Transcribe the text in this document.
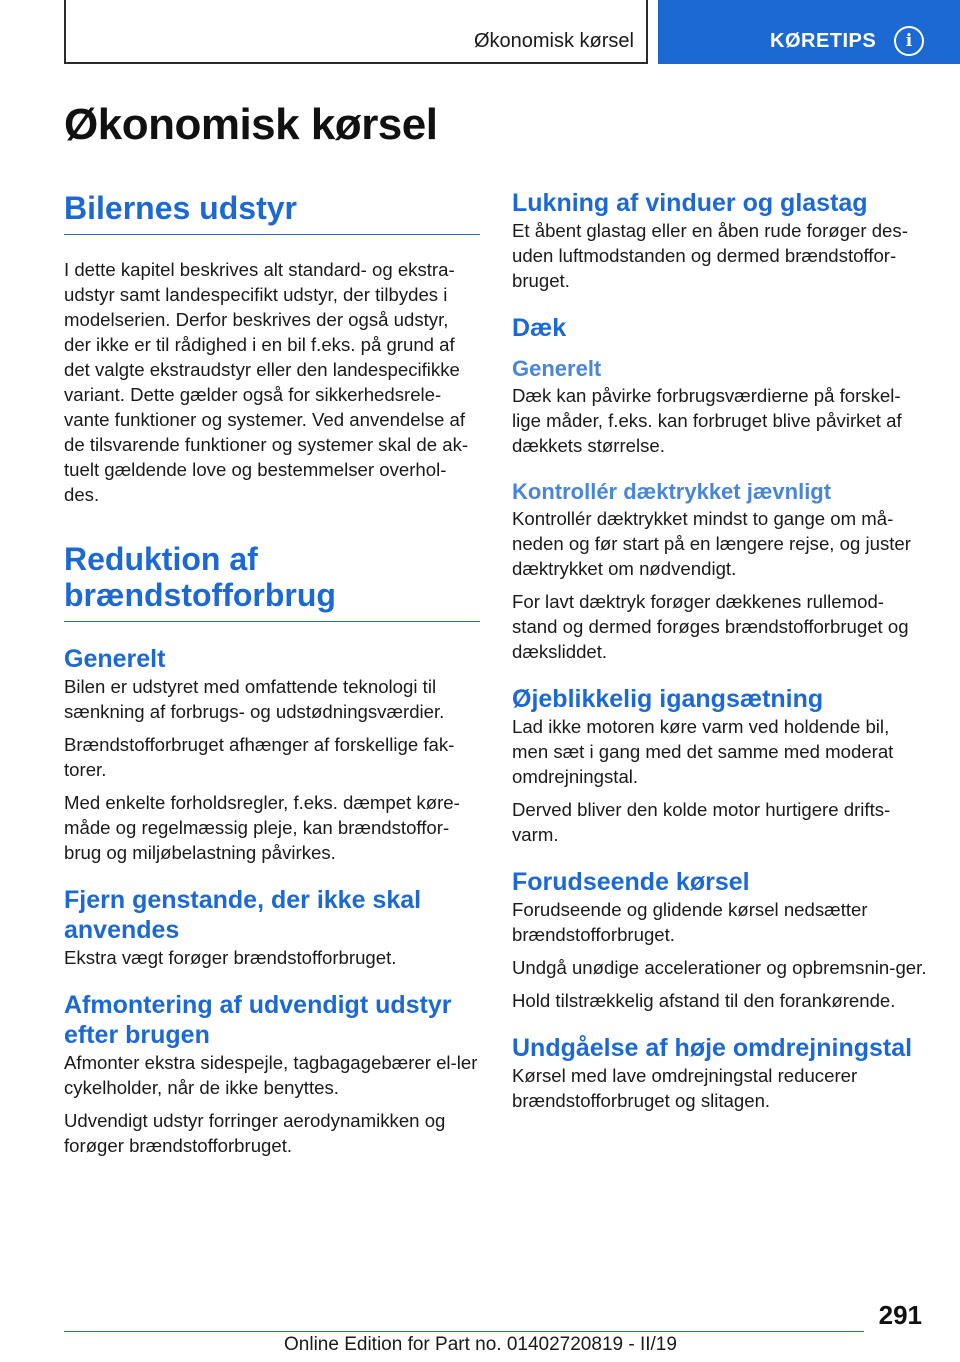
Økonomisk kørsel	KØRETIPS	i
Økonomisk kørsel
Bilernes udstyr

I dette kapitel beskrives alt standard- og ekstra-udstyr samt landespecifikt udstyr, der tilbydes i modelserien. Derfor beskrives der også udstyr, der ikke er til rådighed i en bil f.eks. på grund af det valgte ekstraudstyr eller den landespecifikke variant. Dette gælder også for sikkerhedsrele-vante funktioner og systemer. Ved anvendelse af de tilsvarende funktioner og systemer skal de ak-tuelt gældende love og bestemmelser overhol-des.

Reduktion af brændstofforbrug
Generelt

Bilen er udstyret med omfattende teknologi til sænkning af forbrugs- og udstødningsværdier.

Brændstofforbruget afhænger af forskellige fak-torer.

Med enkelte forholdsregler, f.eks. dæmpet køre-måde og regelmæssig pleje, kan brændstoffor-brug og miljøbelastning påvirkes.

Fjern genstande, der ikke skal anvendes

Ekstra vægt forøger brændstofforbruget.

Afmontering af udvendigt udstyr efter brugen

Afmonter ekstra sidespejle, tagbagagebærer el-ler cykelholder, når de ikke benyttes.

Udvendigt udstyr forringer aerodynamikken og forøger brændstofforbruget.

Lukning af vinduer og glastag

Et åbent glastag eller en åben rude forøger des-uden luftmodstanden og dermed brændstoffor-bruget.

Dæk
Generelt

Dæk kan påvirke forbrugsværdierne på forskel-lige måder, f.eks. kan forbruget blive påvirket af dækkets størrelse.

Kontrollér dæktrykket jævnligt

Kontrollér dæktrykket mindst to gange om må-neden og før start på en længere rejse, og juster dæktrykket om nødvendigt.

For lavt dæktryk forøger dækkenes rullemod-stand og dermed forøges brændstofforbruget og dæksliddet.

Øjeblikkelig igangsætning

Lad ikke motoren køre varm ved holdende bil, men sæt i gang med det samme med moderat omdrejningstal.

Derved bliver den kolde motor hurtigere drifts-varm.

Forudseende kørsel

Forudseende og glidende kørsel nedsætter brændstofforbruget.

Undgå unødige accelerationer og opbremsnin-ger.

Hold tilstrækkelig afstand til den forankørende.

Undgåelse af høje omdrejningstal

Kørsel med lave omdrejningstal reducerer brændstofforbruget og slitagen.

291
Online Edition for Part no. 01402720819 - II/19
